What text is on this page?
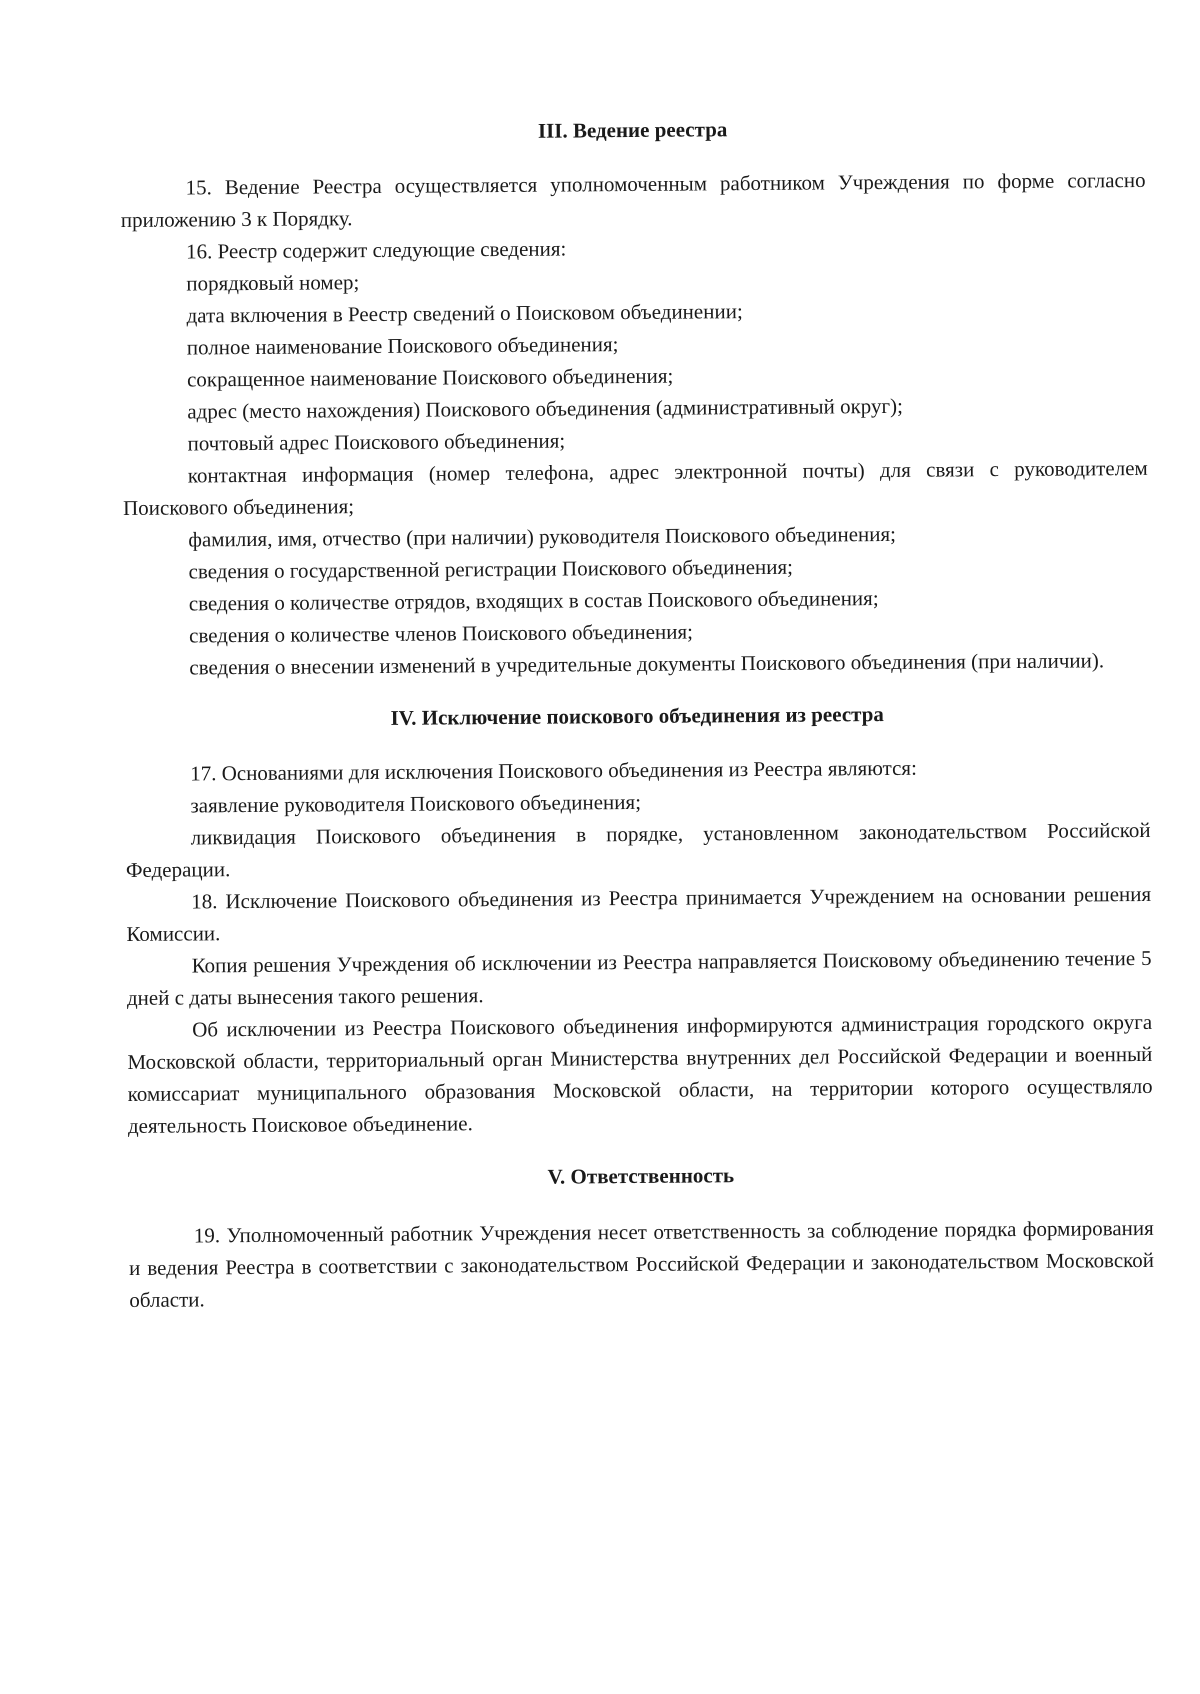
III. Ведение реестра
15. Ведение Реестра осуществляется уполномоченным работником Учреждения по форме согласно приложению 3 к Порядку.
16. Реестр содержит следующие сведения:
порядковый номер;
дата включения в Реестр сведений о Поисковом объединении;
полное наименование Поискового объединения;
сокращенное наименование Поискового объединения;
адрес (место нахождения) Поискового объединения (административный округ);
почтовый адрес Поискового объединения;
контактная информация (номер телефона, адрес электронной почты) для связи с руководителем Поискового объединения;
фамилия, имя, отчество (при наличии) руководителя Поискового объединения;
сведения о государственной регистрации Поискового объединения;
сведения о количестве отрядов, входящих в состав Поискового объединения;
сведения о количестве членов Поискового объединения;
сведения о внесении изменений в учредительные документы Поискового объединения (при наличии).
IV. Исключение поискового объединения из реестра
17. Основаниями для исключения Поискового объединения из Реестра являются:
заявление руководителя Поискового объединения;
ликвидация Поискового объединения в порядке, установленном законодательством Российской Федерации.
18. Исключение Поискового объединения из Реестра принимается Учреждением на основании решения Комиссии.
Копия решения Учреждения об исключении из Реестра направляется Поисковому объединению течение 5 дней с даты вынесения такого решения.
Об исключении из Реестра Поискового объединения информируются администрация городского округа Московской области, территориальный орган Министерства внутренних дел Российской Федерации и военный комиссариат муниципального образования Московской области, на территории которого осуществляло деятельность Поисковое объединение.
V. Ответственность
19. Уполномоченный работник Учреждения несет ответственность за соблюдение порядка формирования и ведения Реестра в соответствии с законодательством Российской Федерации и законодательством Московской области.
